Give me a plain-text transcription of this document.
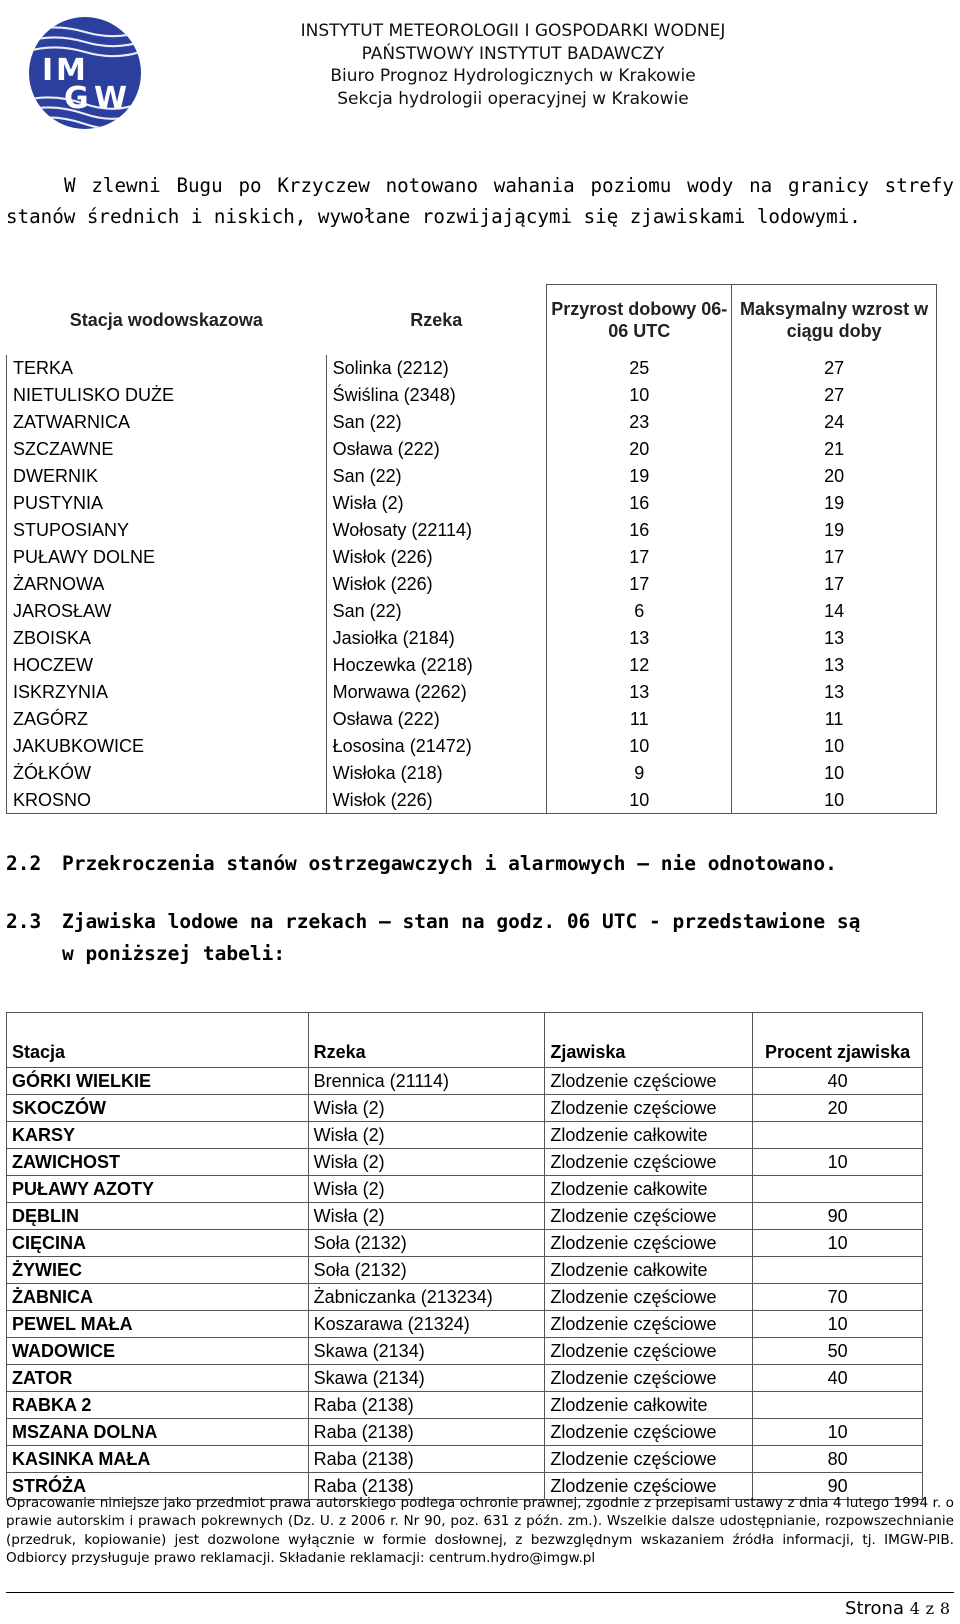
I M
G W
INSTYTUT METEOROLOGII I GOSPODARKI WODNEJ
PAŃSTWOWY INSTYTUT BADAWCZY
Biuro Prognoz Hydrologicznych w Krakowie
Sekcja hydrologii operacyjnej w Krakowie
W zlewni Bugu po Krzyczew notowano wahania poziomu wody na granicy strefy
stanów średnich i niskich, wywołane rozwijającymi się zjawiskami lodowymi.
Stacja wodowskazowa	Rzeka	Przyrost dobowy 06-06 UTC	Maksymalny wzrost w ciągu doby
TERKA	Solinka (2212)	25	27
NIETULISKO DUŻE	Świślina (2348)	10	27
ZATWARNICA	San (22)	23	24
SZCZAWNE	Osława (222)	20	21
DWERNIK	San (22)	19	20
PUSTYNIA	Wisła (2)	16	19
STUPOSIANY	Wołosaty (22114)	16	19
PUŁAWY DOLNE	Wisłok (226)	17	17
ŻARNOWA	Wisłok (226)	17	17
JAROSŁAW	San (22)	6	14
ZBOISKA	Jasiołka (2184)	13	13
HOCZEW	Hoczewka (2218)	12	13
ISKRZYNIA	Morwawa (2262)	13	13
ZAGÓRZ	Osława (222)	11	11
JAKUBKOWICE	Łososina (21472)	10	10
ŻÓŁKÓW	Wisłoka (218)	9	10
KROSNO	Wisłok (226)	10	10
2.2 Przekroczenia stanów ostrzegawczych i alarmowych – nie odnotowano.
2.3 Zjawiska lodowe na rzekach – stan na godz. 06 UTC - przedstawione są
w poniższej tabeli:
Stacja	Rzeka	Zjawiska	Procent zjawiska
GÓRKI WIELKIE	Brennica (21114)	Zlodzenie częściowe	40
SKOCZÓW	Wisła (2)	Zlodzenie częściowe	20
KARSY	Wisła (2)	Zlodzenie całkowite	
ZAWICHOST	Wisła (2)	Zlodzenie częściowe	10
PUŁAWY AZOTY	Wisła (2)	Zlodzenie całkowite	
DĘBLIN	Wisła (2)	Zlodzenie częściowe	90
CIĘCINA	Soła (2132)	Zlodzenie częściowe	10
ŻYWIEC	Soła (2132)	Zlodzenie całkowite	
ŻABNICA	Żabniczanka (213234)	Zlodzenie częściowe	70
PEWEL MAŁA	Koszarawa (21324)	Zlodzenie częściowe	10
WADOWICE	Skawa (2134)	Zlodzenie częściowe	50
ZATOR	Skawa (2134)	Zlodzenie częściowe	40
RABKA 2	Raba (2138)	Zlodzenie całkowite	
MSZANA DOLNA	Raba (2138)	Zlodzenie częściowe	10
KASINKA MAŁA	Raba (2138)	Zlodzenie częściowe	80
STRÓŻA	Raba (2138)	Zlodzenie częściowe	90
Opracowanie niniejsze jako przedmiot prawa autorskiego podlega ochronie prawnej, zgodnie z przepisami ustawy z dnia 4 lutego 1994 r. o prawie autorskim i prawach pokrewnych (Dz. U. z 2006 r. Nr 90, poz. 631 z późn. zm.). Wszelkie dalsze udostępnianie, rozpowszechnianie (przedruk, kopiowanie) jest dozwolone wyłącznie w formie dosłownej, z bezwzględnym wskazaniem źródła informacji, tj. IMGW-PIB. Odbiorcy przysługuje prawo reklamacji. Składanie reklamacji: centrum.hydro@imgw.pl
Strona 4 z 8
